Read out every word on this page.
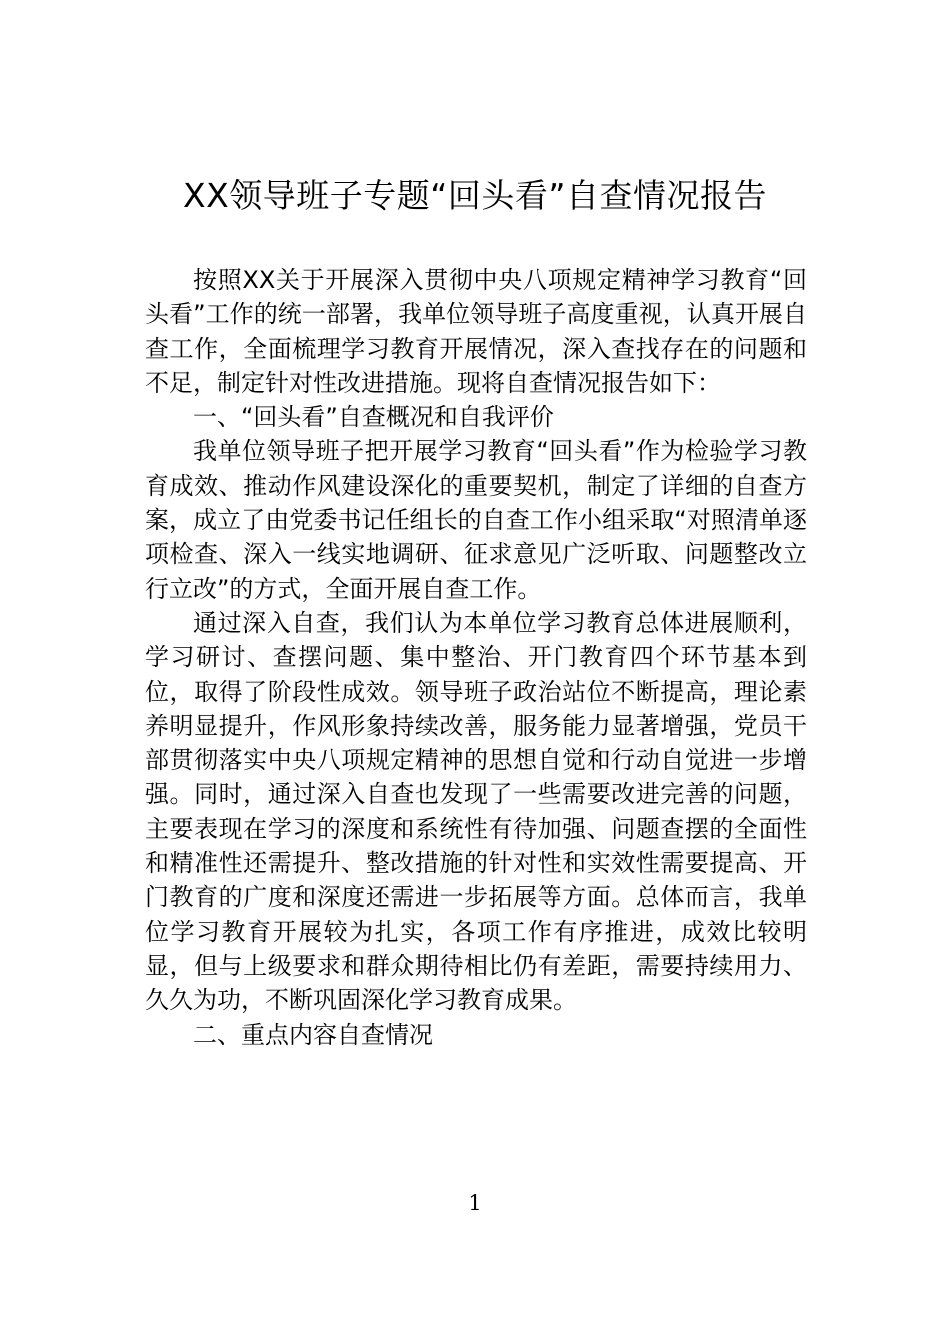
XX领导班子专题“回头看”自查情况报告

按照XX关于开展深入贯彻中央八项规定精神学习教育“回头看”工作的统一部署，我单位领导班子高度重视，认真开展自查工作，全面梳理学习教育开展情况，深入查找存在的问题和不足，制定针对性改进措施。现将自查情况报告如下：

一、“回头看”自查概况和自我评价

我单位领导班子把开展学习教育“回头看”作为检验学习教育成效、推动作风建设深化的重要契机，制定了详细的自查方案，成立了由党委书记任组长的自查工作小组采取“对照清单逐项检查、深入一线实地调研、征求意见广泛听取、问题整改立行立改”的方式，全面开展自查工作。

通过深入自查，我们认为本单位学习教育总体进展顺利，学习研讨、查摆问题、集中整治、开门教育四个环节基本到位，取得了阶段性成效。领导班子政治站位不断提高，理论素养明显提升，作风形象持续改善，服务能力显著增强，党员干部贯彻落实中央八项规定精神的思想自觉和行动自觉进一步增强。同时，通过深入自查也发现了一些需要改进完善的问题，主要表现在学习的深度和系统性有待加强、问题查摆的全面性和精准性还需提升、整改措施的针对性和实效性需要提高、开门教育的广度和深度还需进一步拓展等方面。总体而言，我单位学习教育开展较为扎实，各项工作有序推进，成效比较明显，但与上级要求和群众期待相比仍有差距，需要持续用力、久久为功，不断巩固深化学习教育成果。

二、重点内容自查情况

1
